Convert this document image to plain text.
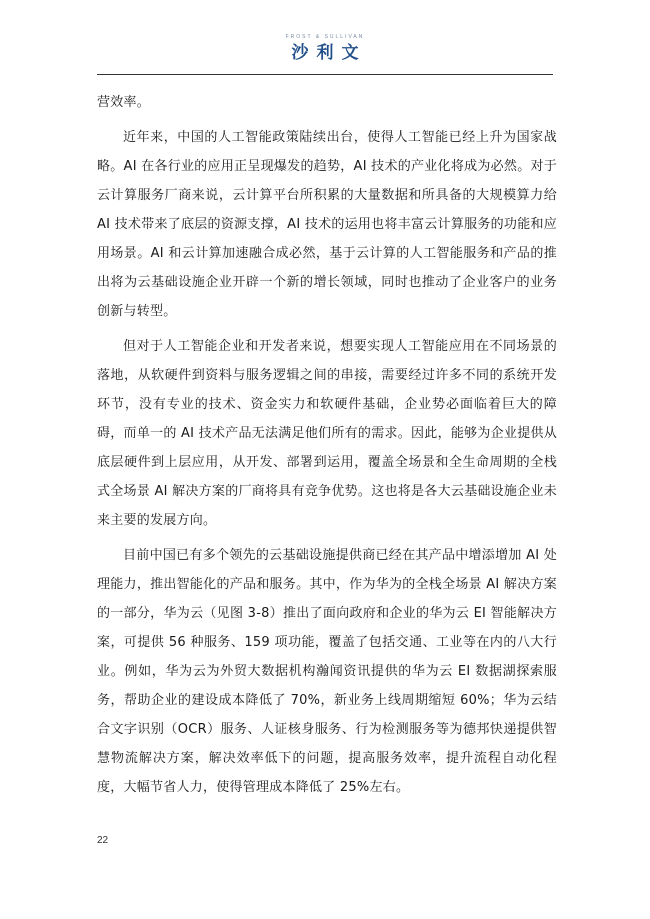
FROST & SULLIVAN
沙利文

营效率。

近年来，中国的人工智能政策陆续出台，使得人工智能已经上升为国家战略。AI 在各行业的应用正呈现爆发的趋势，AI 技术的产业化将成为必然。对于云计算服务厂商来说，云计算平台所积累的大量数据和所具备的大规模算力给 AI 技术带来了底层的资源支撑，AI 技术的运用也将丰富云计算服务的功能和应用场景。AI 和云计算加速融合成必然，基于云计算的人工智能服务和产品的推出将为云基础设施企业开辟一个新的增长领域，同时也推动了企业客户的业务创新与转型。

但对于人工智能企业和开发者来说，想要实现人工智能应用在不同场景的落地，从软硬件到资料与服务逻辑之间的串接，需要经过许多不同的系统开发环节，没有专业的技术、资金实力和软硬件基础，企业势必面临着巨大的障碍，而单一的 AI 技术产品无法满足他们所有的需求。因此，能够为企业提供从底层硬件到上层应用，从开发、部署到运用，覆盖全场景和全生命周期的全栈式全场景 AI 解决方案的厂商将具有竞争优势。这也将是各大云基础设施企业未来主要的发展方向。

目前中国已有多个领先的云基础设施提供商已经在其产品中增添增加 AI 处理能力，推出智能化的产品和服务。其中，作为华为的全栈全场景 AI 解决方案的一部分，华为云（见图 3-8）推出了面向政府和企业的华为云 EI 智能解决方案，可提供 56 种服务、159 项功能，覆盖了包括交通、工业等在内的八大行业。例如，华为云为外贸大数据机构瀚闻资讯提供的华为云 EI 数据湖探索服务，帮助企业的建设成本降低了 70%，新业务上线周期缩短 60%；华为云结合文字识别（OCR）服务、人证核身服务、行为检测服务等为德邦快递提供智慧物流解决方案，解决效率低下的问题，提高服务效率，提升流程自动化程度，大幅节省人力，使得管理成本降低了 25%左右。

22
